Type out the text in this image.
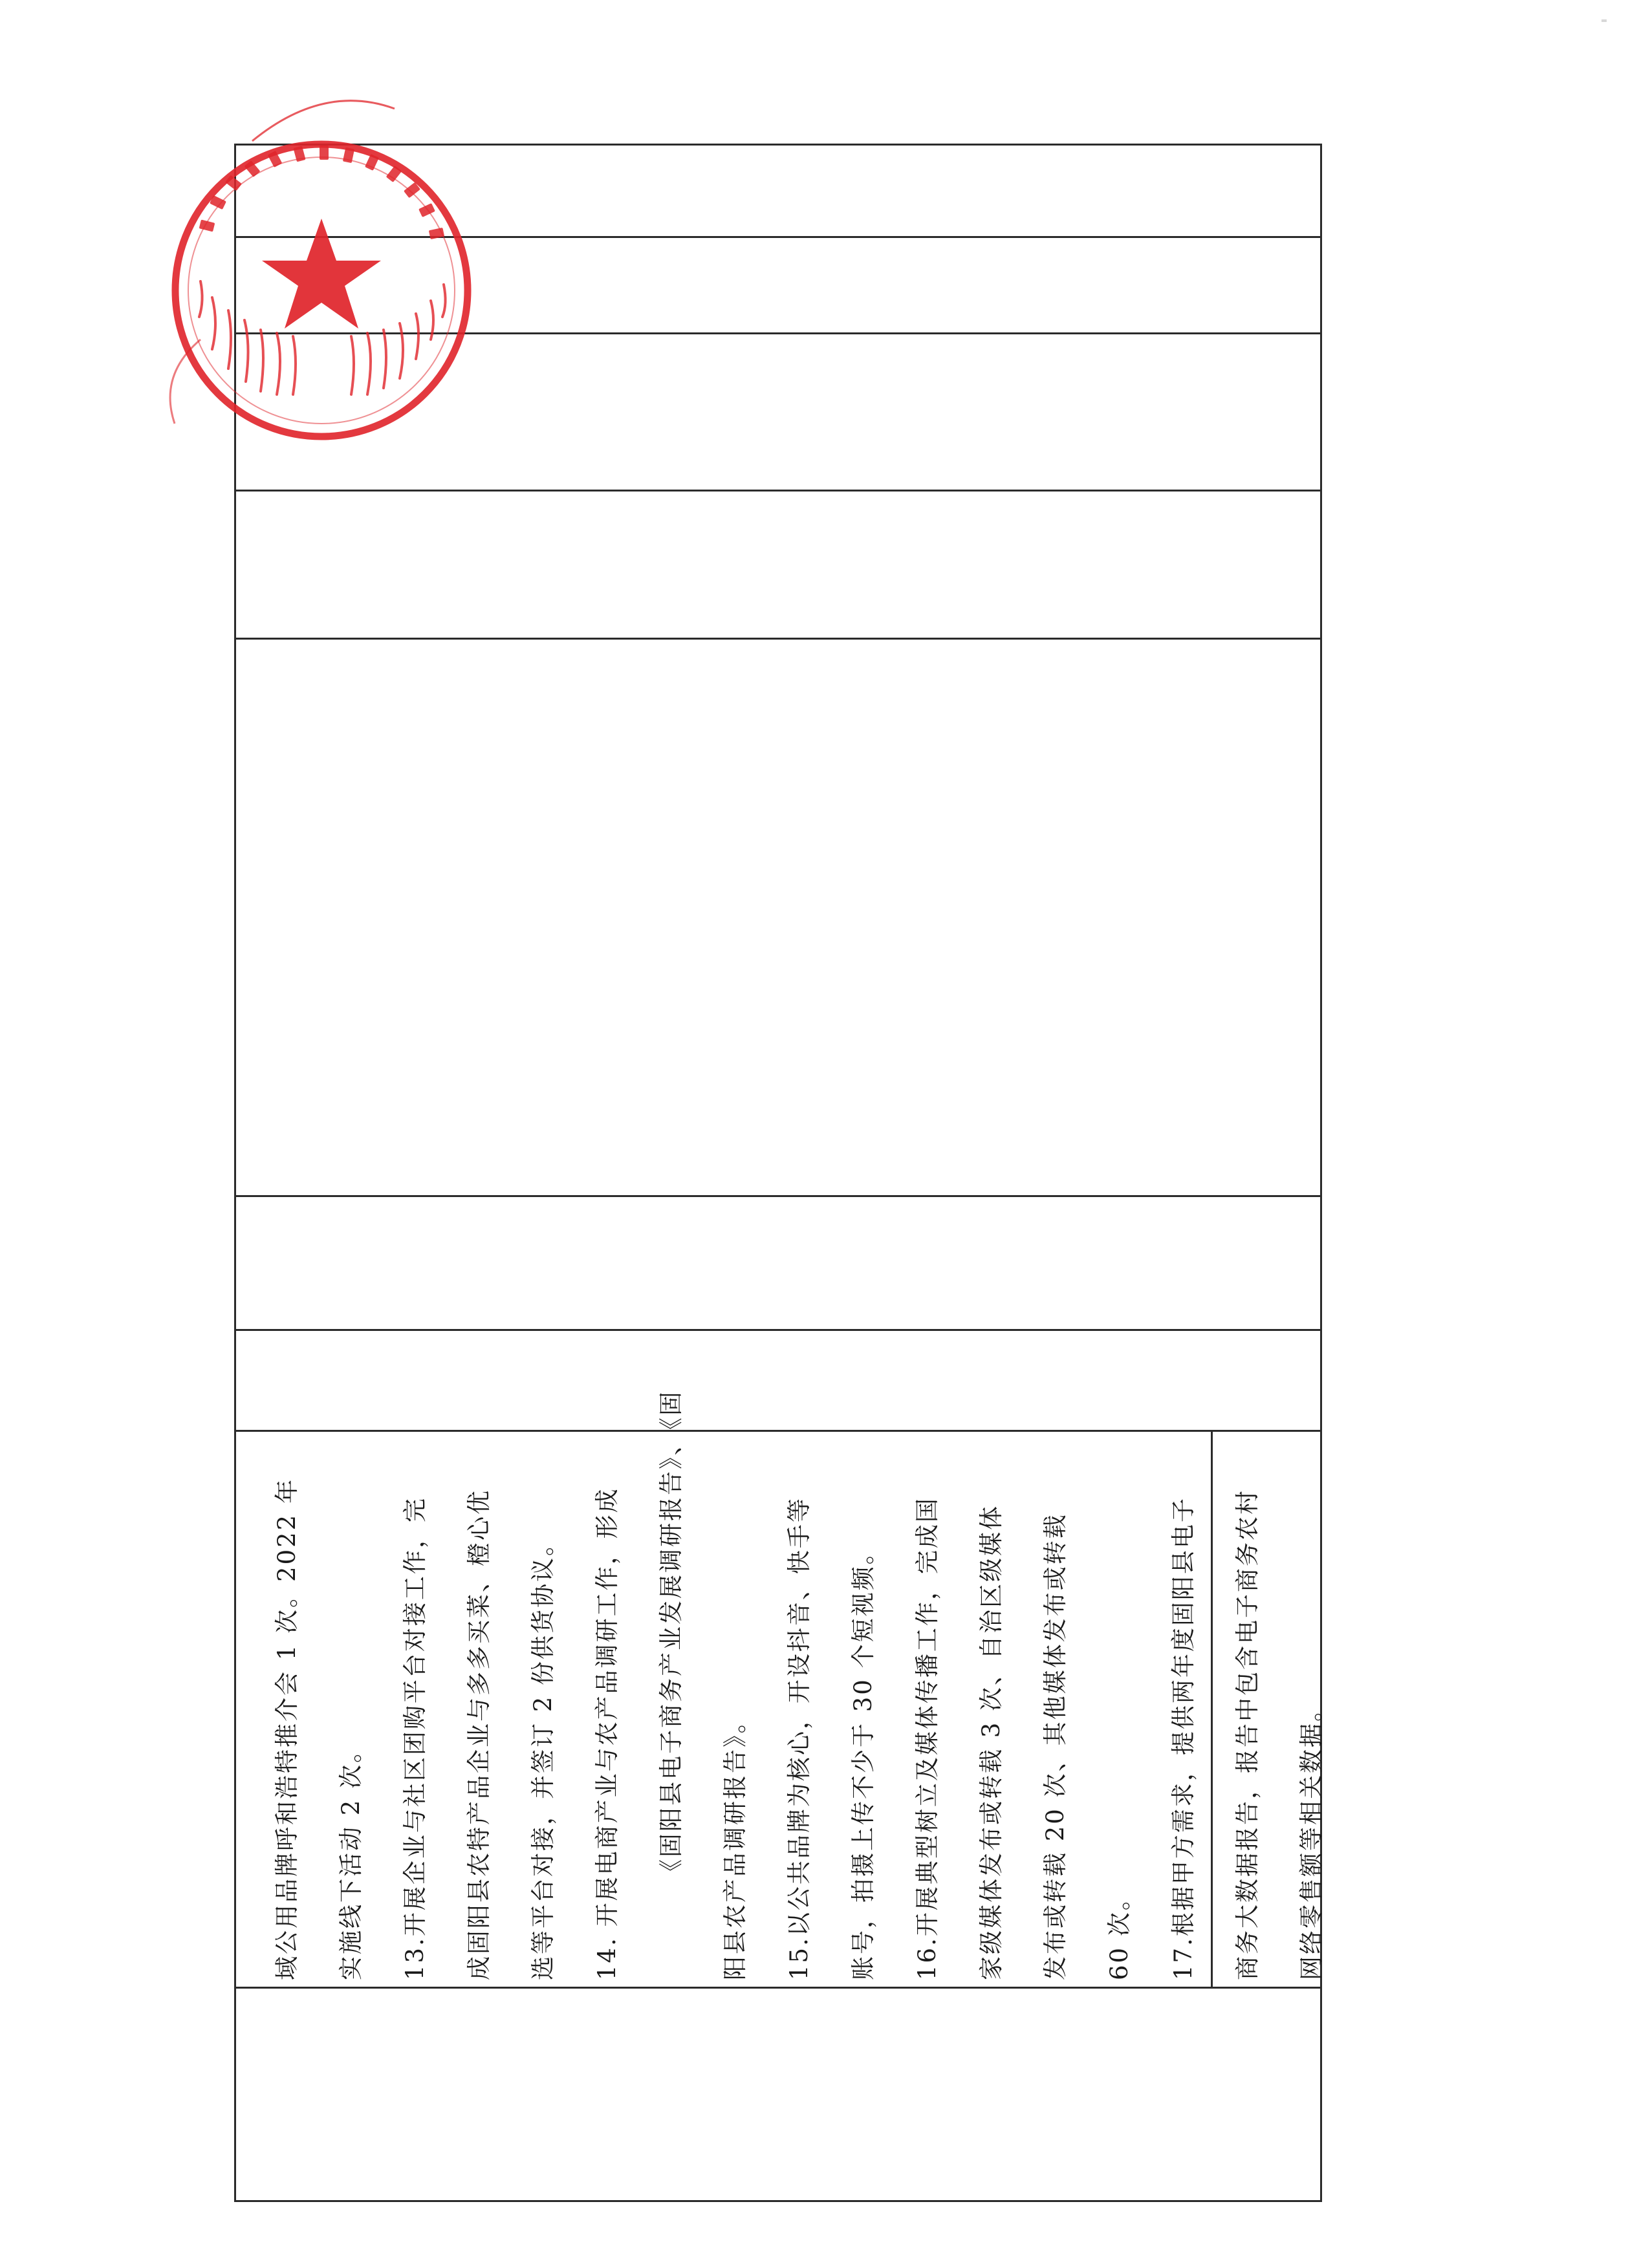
域公用品牌呼和浩特推介会 1 次。2022 年	实施线下活动 2 次。	13.开展企业与社区团购平台对接工作，完	成固阳县农特产品企业与多多买菜、橙心优	选等平台对接，并签订 2 份供货协议。	14. 开展电商产业与农产品调研工作，形成	《固阳县电子商务产业发展调研报告》、《固	阳县农产品调研报告》。	15.以公共品牌为核心，开设抖音、快手等	账号，拍摄上传不少于 30 个短视频。	16.开展典型树立及媒体传播工作，完成国	家级媒体发布或转载 3 次、自治区级媒体	发布或转载 20 次、其他媒体发布或转载	60 次。	17.根据甲方需求，提供两年度固阳县电子	商务大数据报告，报告中包含电子商务农村	网络零售额等相关数据。
